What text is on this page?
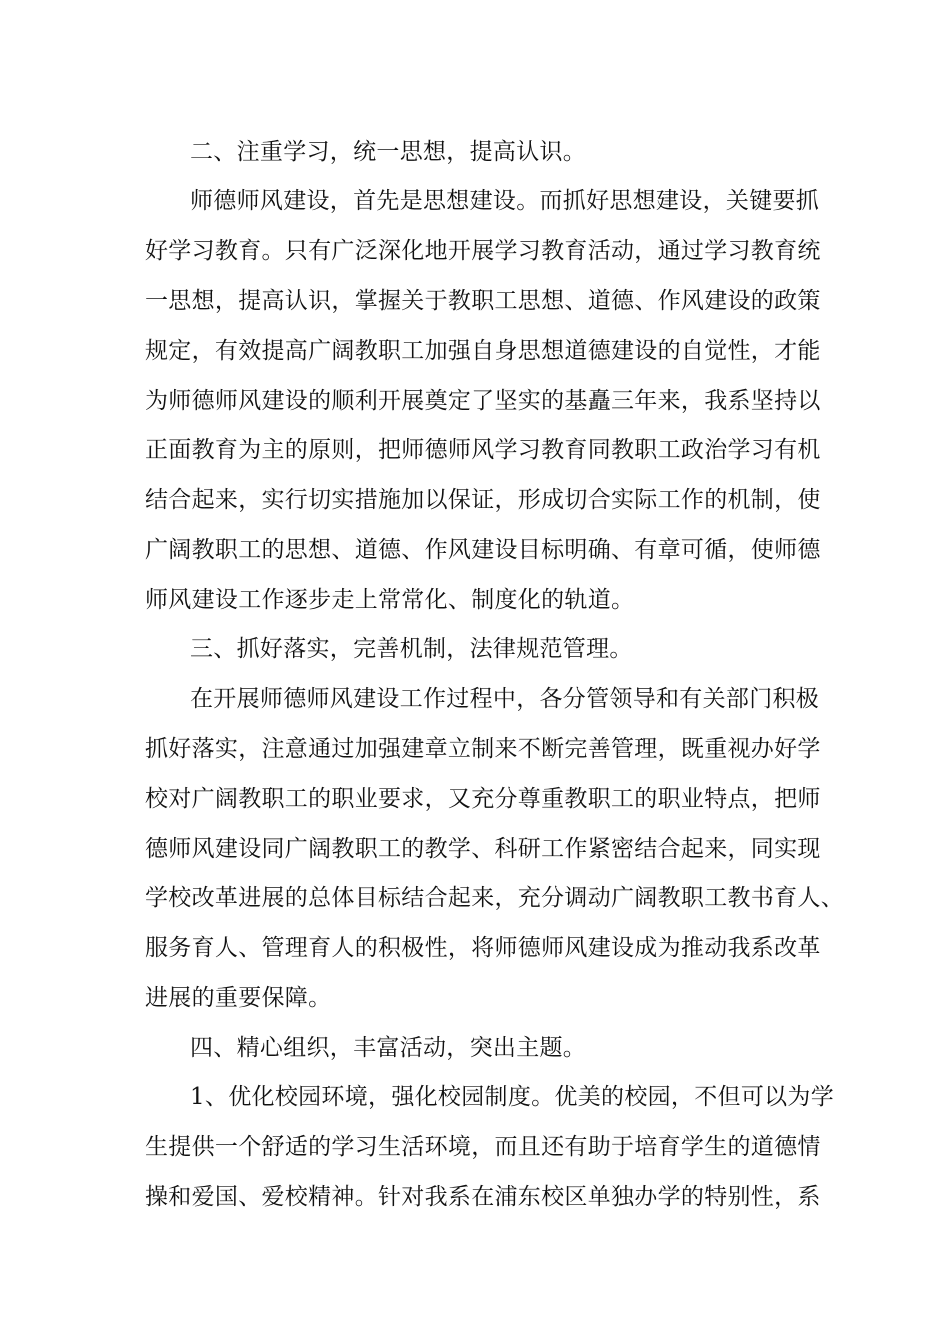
二、注重学习，统一思想，提高认识。
师德师风建设，首先是思想建设。而抓好思想建设，关键要抓
好学习教育。只有广泛深化地开展学习教育活动，通过学习教育统
一思想，提高认识，掌握关于教职工思想、道德、作风建设的政策
规定，有效提高广阔教职工加强自身思想道德建设的自觉性，才能
为师德师风建设的顺利开展奠定了坚实的基矗三年来，我系坚持以
正面教育为主的原则，把师德师风学习教育同教职工政治学习有机
结合起来，实行切实措施加以保证，形成切合实际工作的机制，使
广阔教职工的思想、道德、作风建设目标明确、有章可循，使师德
师风建设工作逐步走上常常化、制度化的轨道。
三、抓好落实，完善机制，法律规范管理。
在开展师德师风建设工作过程中，各分管领导和有关部门积极
抓好落实，注意通过加强建章立制来不断完善管理，既重视办好学
校对广阔教职工的职业要求，又充分尊重教职工的职业特点，把师
德师风建设同广阔教职工的教学、科研工作紧密结合起来，同实现
学校改革进展的总体目标结合起来，充分调动广阔教职工教书育人、
服务育人、管理育人的积极性，将师德师风建设成为推动我系改革
进展的重要保障。
四、精心组织，丰富活动，突出主题。
1、优化校园环境，强化校园制度。优美的校园，不但可以为学
生提供一个舒适的学习生活环境，而且还有助于培育学生的道德情
操和爱国、爱校精神。针对我系在浦东校区单独办学的特别性，系
